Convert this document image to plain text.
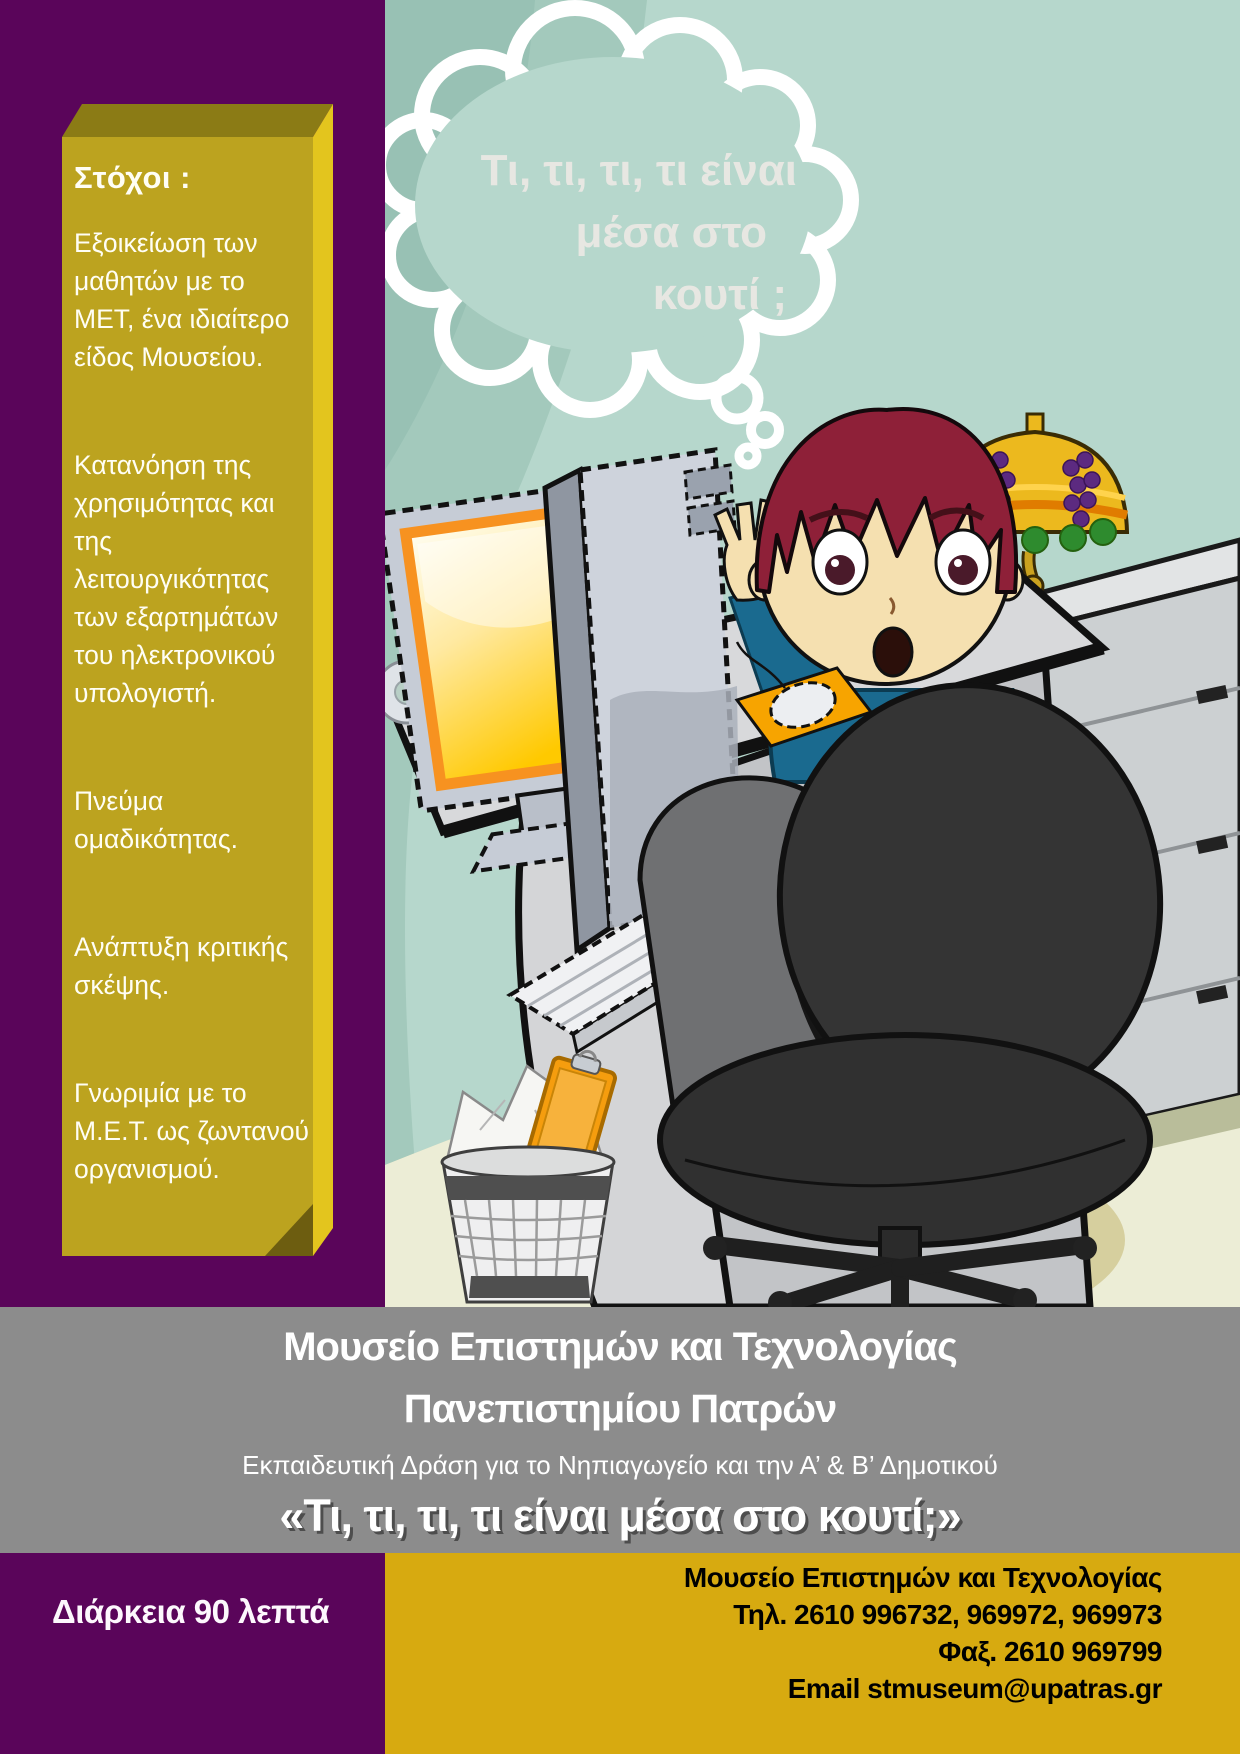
Στόχοι :

Εξοικείωση των μαθητών με το ΜΕΤ, ένα ιδιαίτερο είδος Μουσείου.

Κατανόηση της χρησιμότητας και της λειτουργικότητας των εξαρτημάτων του ηλεκτρονικού υπολογιστή.

Πνεύμα ομαδικότητας.

Ανάπτυξη κριτικής σκέψης.

Γνωριμία με το Μ.Ε.Τ. ως ζωντανού οργανισμού.

Τι, τι, τι, τι είναι
μέσα στο
κουτί ;
Μουσείο Επιστημών και Τεχνολογίας
Πανεπιστημίου Πατρών
Εκπαιδευτική Δράση για το Νηπιαγωγείο και την Α’ & Β’ Δημοτικού
«Τι, τι, τι, τι είναι μέσα στο κουτί;»
Διάρκεια 90 λεπτά
Μουσείο Επιστημών και Τεχνολογίας
Τηλ. 2610 996732, 969972, 969973
Φαξ. 2610 969799
Email stmuseum@upatras.gr
